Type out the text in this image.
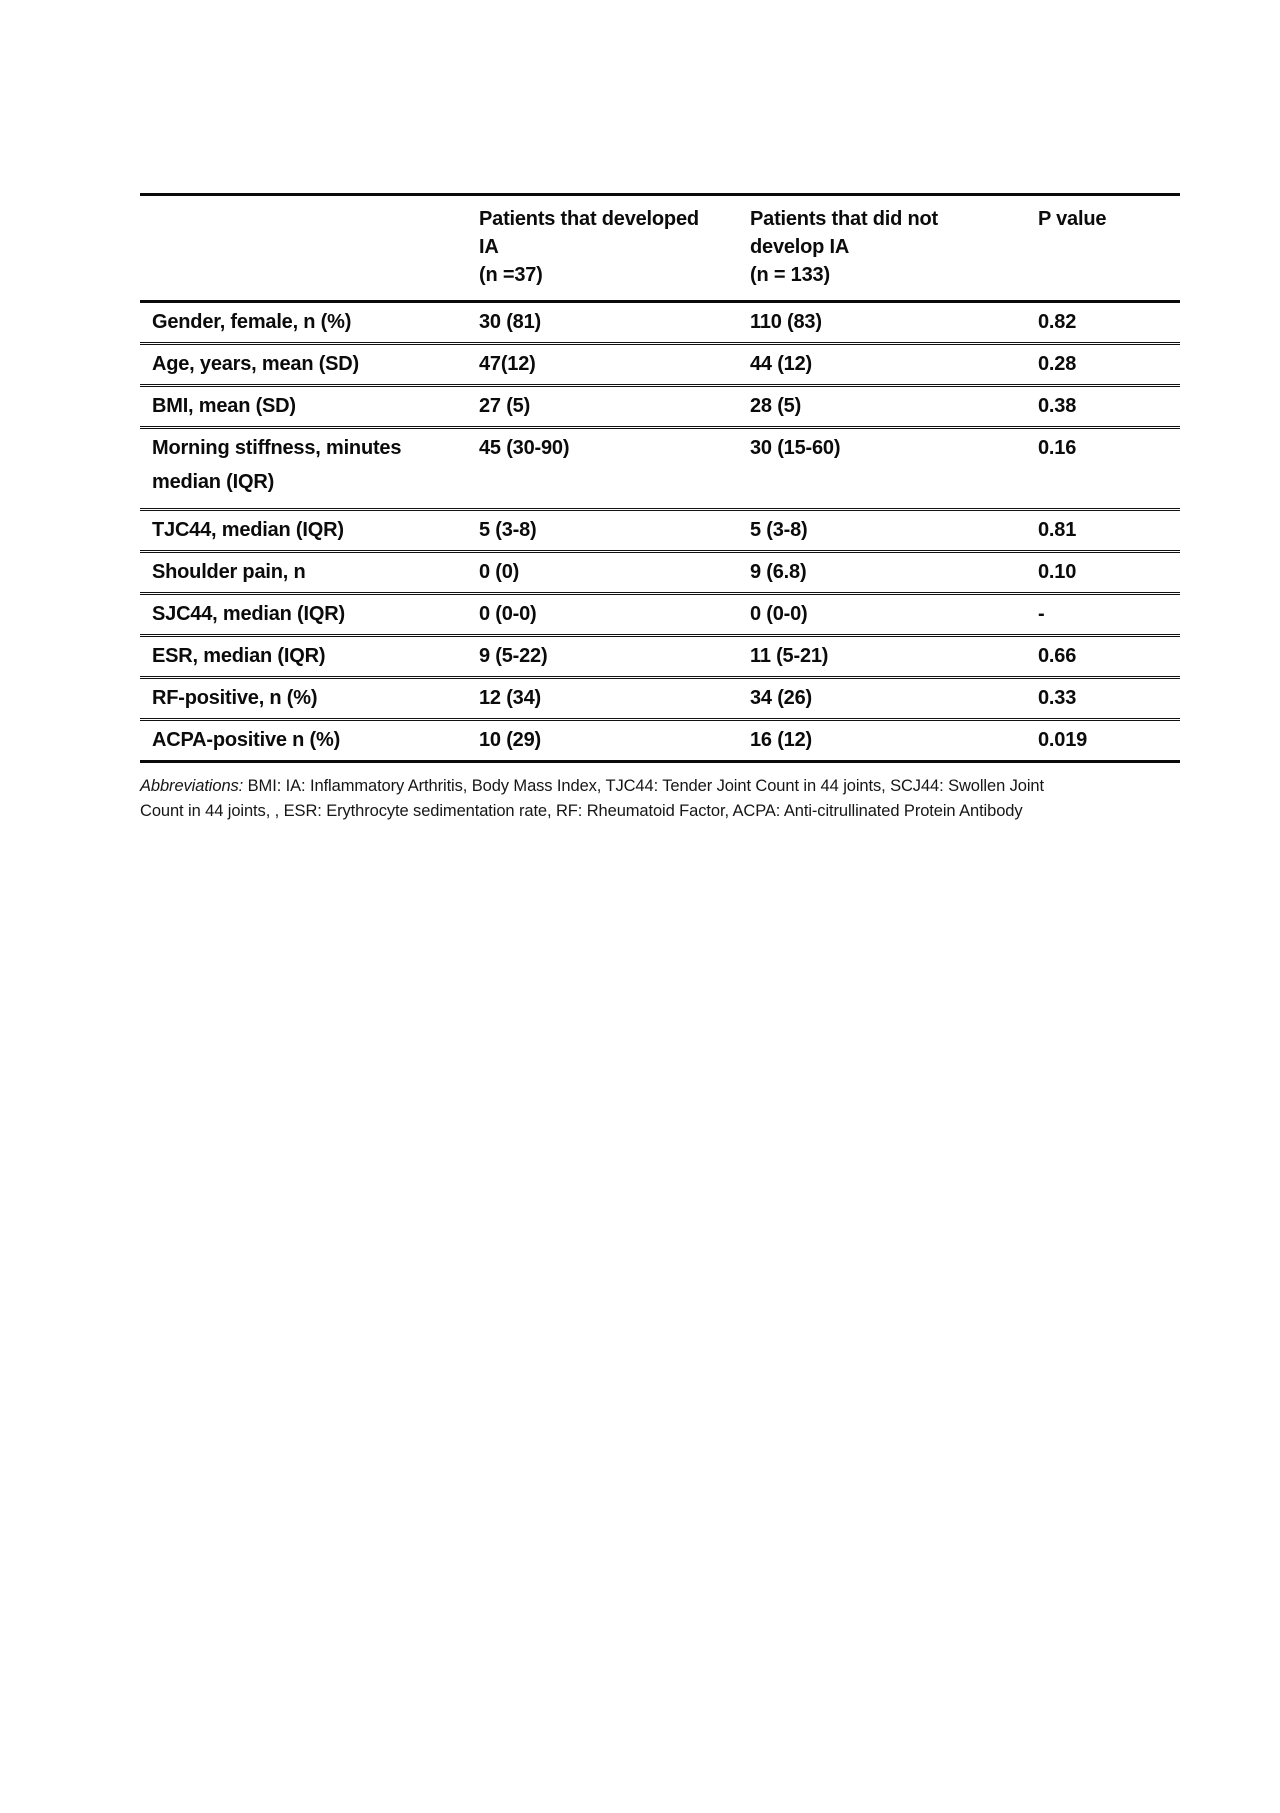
	Patients that developed
IA
(n =37)	Patients that did not
develop IA
(n = 133)	P value

Gender, female, n (%)	30 (81)	110 (83)	0.82

Age, years, mean (SD)	47(12)	44 (12)	0.28

BMI, mean (SD)	27 (5)	28 (5)	0.38

Morning stiffness, minutes
median (IQR)	45 (30-90)	30 (15-60)	0.16

TJC44, median (IQR)	5 (3-8)	5 (3-8)	0.81

Shoulder pain, n	0 (0)	9 (6.8)	0.10

SJC44, median (IQR)	0 (0-0)	0 (0-0)	-

ESR, median (IQR)	9 (5-22)	11 (5-21)	0.66

RF-positive, n (%)	12 (34)	34 (26)	0.33

ACPA-positive n (%)	10 (29)	16 (12)	0.019
Abbreviations: BMI: IA: Inflammatory Arthritis, Body Mass Index, TJC44: Tender Joint Count in 44 joints, SCJ44: Swollen Joint
Count in 44 joints, , ESR: Erythrocyte sedimentation rate, RF: Rheumatoid Factor, ACPA: Anti-citrullinated Protein Antibody
